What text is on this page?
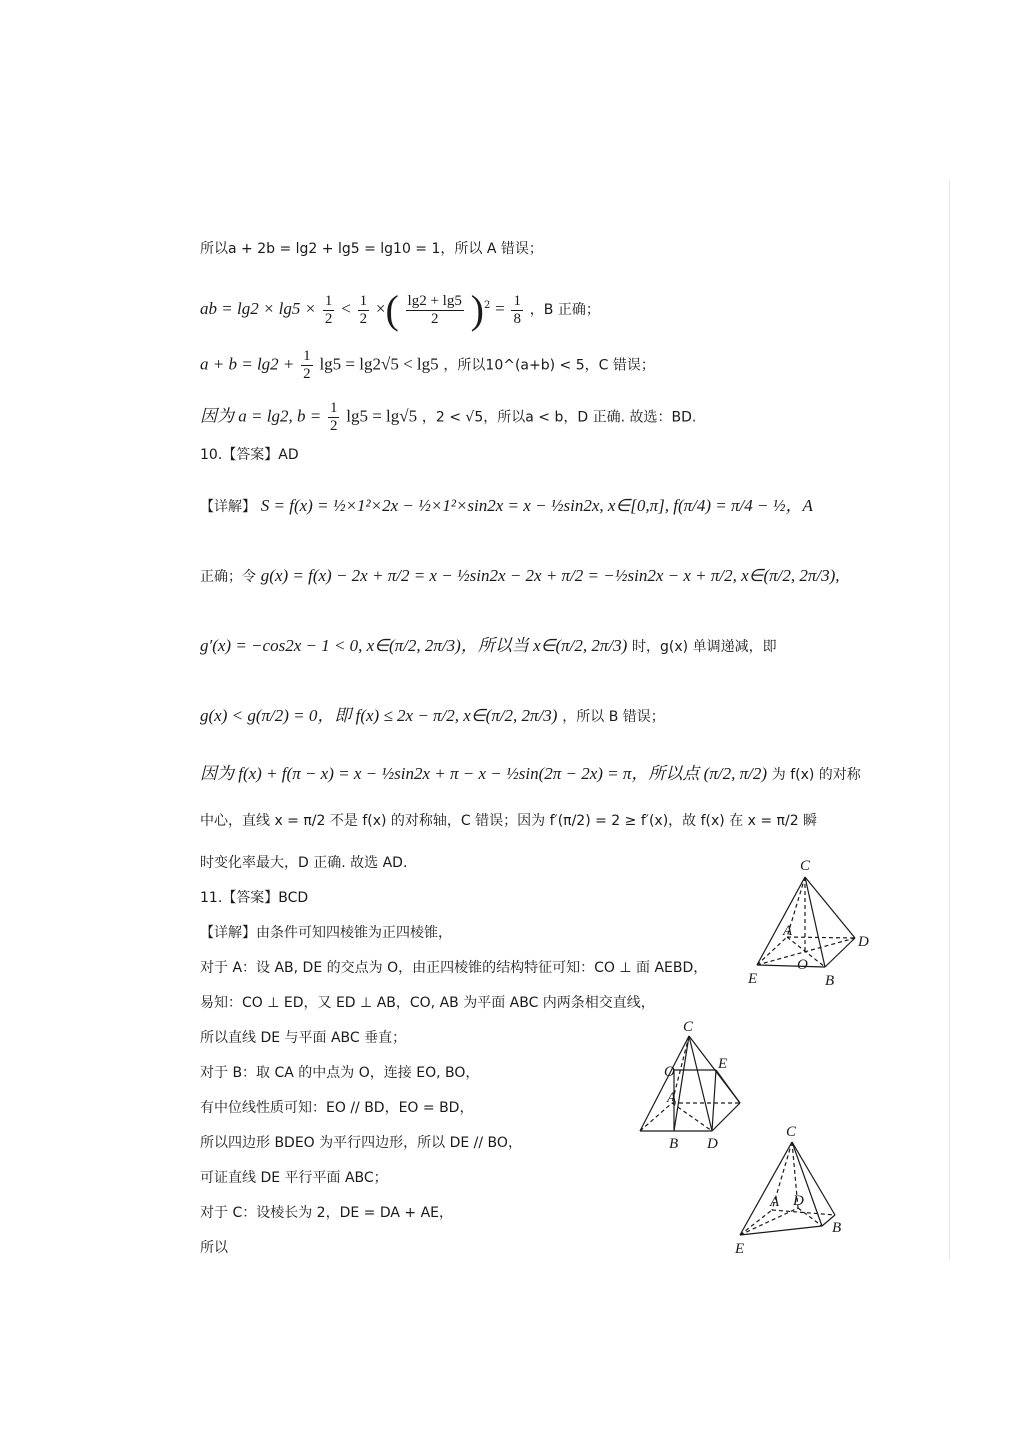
所以a + 2b = lg2 + lg5 = lg10 = 1，所以 A 错误；
ab = $\lg 2 \times \lg 5 \times \frac{1}{2} < \frac{1}{2}$ ×( $\frac{\lg 2 + \lg 5}{2} )^2 = \frac{1}{8}$ ，B 正确；
$a + b = \lg 2 + \frac{1}{2} \lg 5 = \lg 2√5 < \lg 5$ ，所以10^(a+b) < 5，C 错误；
因为 a = lg2, $b = \frac{1}{2} \lg 5 = \lg√5$ ，2 < √5，所以a < b，D 正确. 故选：BD.
10.【答案】AD
【详解】 S = f(x) = ½×1²×2x − ½×1²×sin2x = x − ½sin2x, x∈[0,π], f(π/4) = π/4 − ½，A
正确；令 g(x) = f(x) − 2x + π/2 = x − ½sin2x − 2x + π/2 = −½sin2x − x + π/2, x∈(π/2, 2π/3),
g′(x) = −cos2x − 1 < 0, x∈(π/2, 2π/3)，所以当 x∈(π/2, 2π/3) 时，g(x) 单调递减，即
g(x) < g(π/2) = 0，即 f(x) ≤ 2x − π/2, x∈(π/2, 2π/3) ，所以 B 错误；
因为 f(x) + f(π − x) = x − ½sin2x + π − x − ½sin(2π − 2x) = π，所以点 (π/2, π/2) 为 f(x) 的对称
中心，直线 x = π/2 不是 f(x) 的对称轴，C 错误；因为 f′(π/2) = 2 ≥ f′(x)，故 f(x) 在 x = π/2 瞬
时变化率最大，D 正确. 故选 AD.
11.【答案】BCD
【详解】由条件可知四棱锥为正四棱锥，
对于 A：设 AB, DE 的交点为 O，由正四棱锥的结构特征可知：CO ⊥ 面 AEBD，
易知：CO ⊥ ED，又 ED ⊥ AB，CO, AB 为平面 ABC 内两条相交直线，
所以直线 DE 与平面 ABC 垂直；
对于 B：取 CA 的中点为 O，连接 EO, BO，
有中位线性质可知：EO // BD，EO = BD，
所以四边形 BDEO 为平行四边形，所以 DE // BO，
可证直线 DE 平行平面 ABC；
对于 C：设棱长为 2，DE = DA + AE，
所以
C
A
D
O
E	B
C
E
O
A
B D
C
A D
B
E
